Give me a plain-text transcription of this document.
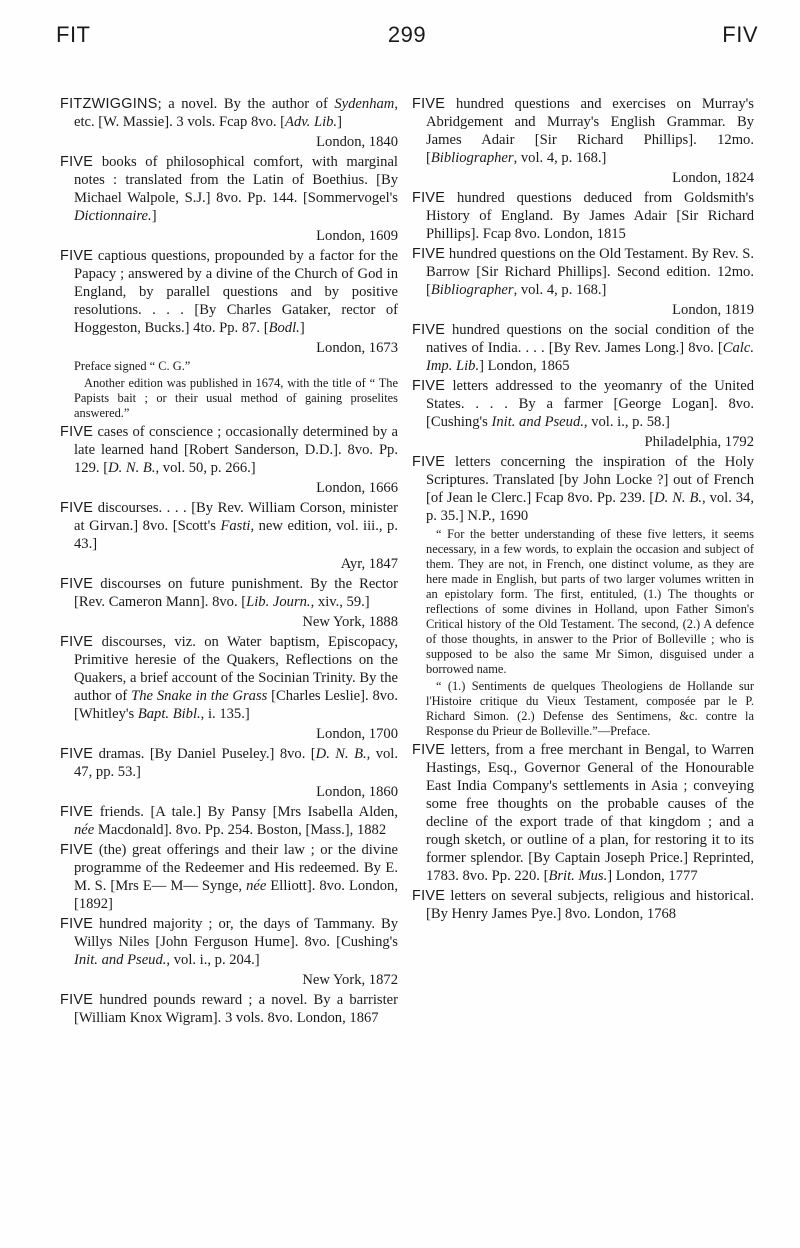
FIT	299	FIV

FITZWIGGINS; a novel. By the author of Sydenham, etc. [W. Massie]. 3 vols. Fcap 8vo. [Adv. Lib.]

London, 1840

FIVE books of philosophical comfort, with marginal notes : translated from the Latin of Boethius. [By Michael Walpole, S.J.] 8vo. Pp. 144. [Sommervogel's Dictionnaire.]

London, 1609

FIVE captious questions, propounded by a factor for the Papacy ; answered by a divine of the Church of God in England, by parallel questions and by positive resolutions. . . . [By Charles Gataker, rector of Hoggeston, Bucks.] 4to. Pp. 87. [Bodl.]

London, 1673

Preface signed “ C. G.”

Another edition was published in 1674, with the title of “ The Papists bait ; or their usual method of gaining proselites answered.”

FIVE cases of conscience ; occasionally determined by a late learned hand [Robert Sanderson, D.D.]. 8vo. Pp. 129. [D. N. B., vol. 50, p. 266.]

London, 1666

FIVE discourses. . . . [By Rev. William Corson, minister at Girvan.] 8vo. [Scott's Fasti, new edition, vol. iii., p. 43.]

Ayr, 1847

FIVE discourses on future punishment. By the Rector [Rev. Cameron Mann]. 8vo. [Lib. Journ., xiv., 59.]

New York, 1888

FIVE discourses, viz. on Water baptism, Episcopacy, Primitive heresie of the Quakers, Reflections on the Quakers, a brief account of the Socinian Trinity. By the author of The Snake in the Grass [Charles Leslie]. 8vo. [Whitley's Bapt. Bibl., i. 135.]

London, 1700

FIVE dramas. [By Daniel Puseley.] 8vo. [D. N. B., vol. 47, pp. 53.]

London, 1860

FIVE friends. [A tale.] By Pansy [Mrs Isabella Alden, née Macdonald]. 8vo. Pp. 254. Boston, [Mass.], 1882

FIVE (the) great offerings and their law ; or the divine programme of the Redeemer and His redeemed. By E. M. S. [Mrs E— M— Synge, née Elliott]. 8vo. London, [1892]

FIVE hundred majority ; or, the days of Tammany. By Willys Niles [John Ferguson Hume]. 8vo. [Cushing's Init. and Pseud., vol. i., p. 204.]

New York, 1872

FIVE hundred pounds reward ; a novel. By a barrister [William Knox Wigram]. 3 vols. 8vo. London, 1867

FIVE hundred questions and exercises on Murray's Abridgement and Murray's English Grammar. By James Adair [Sir Richard Phillips]. 12mo. [Bibliographer, vol. 4, p. 168.]

London, 1824

FIVE hundred questions deduced from Goldsmith's History of England. By James Adair [Sir Richard Phillips]. Fcap 8vo. London, 1815

FIVE hundred questions on the Old Testament. By Rev. S. Barrow [Sir Richard Phillips]. Second edition. 12mo. [Bibliographer, vol. 4, p. 168.]

London, 1819

FIVE hundred questions on the social condition of the natives of India. . . . [By Rev. James Long.] 8vo. [Calc. Imp. Lib.] London, 1865

FIVE letters addressed to the yeomanry of the United States. . . . By a farmer [George Logan]. 8vo. [Cushing's Init. and Pseud., vol. i., p. 58.]

Philadelphia, 1792

FIVE letters concerning the inspiration of the Holy Scriptures. Translated [by John Locke ?] out of French [of Jean le Clerc.] Fcap 8vo. Pp. 239. [D. N. B., vol. 34, p. 35.] N.P., 1690

“ For the better understanding of these five letters, it seems necessary, in a few words, to explain the occasion and subject of them. They are not, in French, one distinct volume, as they are here made in English, but parts of two larger volumes written in an epistolary form. The first, entituled, (1.) The thoughts or reflections of some divines in Holland, upon Father Simon's Critical history of the Old Testament. The second, (2.) A defence of those thoughts, in answer to the Prior of Bolleville ; who is supposed to be also the same Mr Simon, disguised under a borrowed name.

“ (1.) Sentiments de quelques Theologiens de Hollande sur l'Histoire critique du Vieux Testament, composée par le P. Richard Simon. (2.) Defense des Sentimens, &c. contre la Response du Prieur de Bolleville.”—Preface.

FIVE letters, from a free merchant in Bengal, to Warren Hastings, Esq., Governor General of the Honourable East India Company's settlements in Asia ; conveying some free thoughts on the probable causes of the decline of the export trade of that kingdom ; and a rough sketch, or outline of a plan, for restoring it to its former splendor. [By Captain Joseph Price.] Reprinted, 1783. 8vo. Pp. 220. [Brit. Mus.] London, 1777

FIVE letters on several subjects, religious and historical. [By Henry James Pye.] 8vo. London, 1768
